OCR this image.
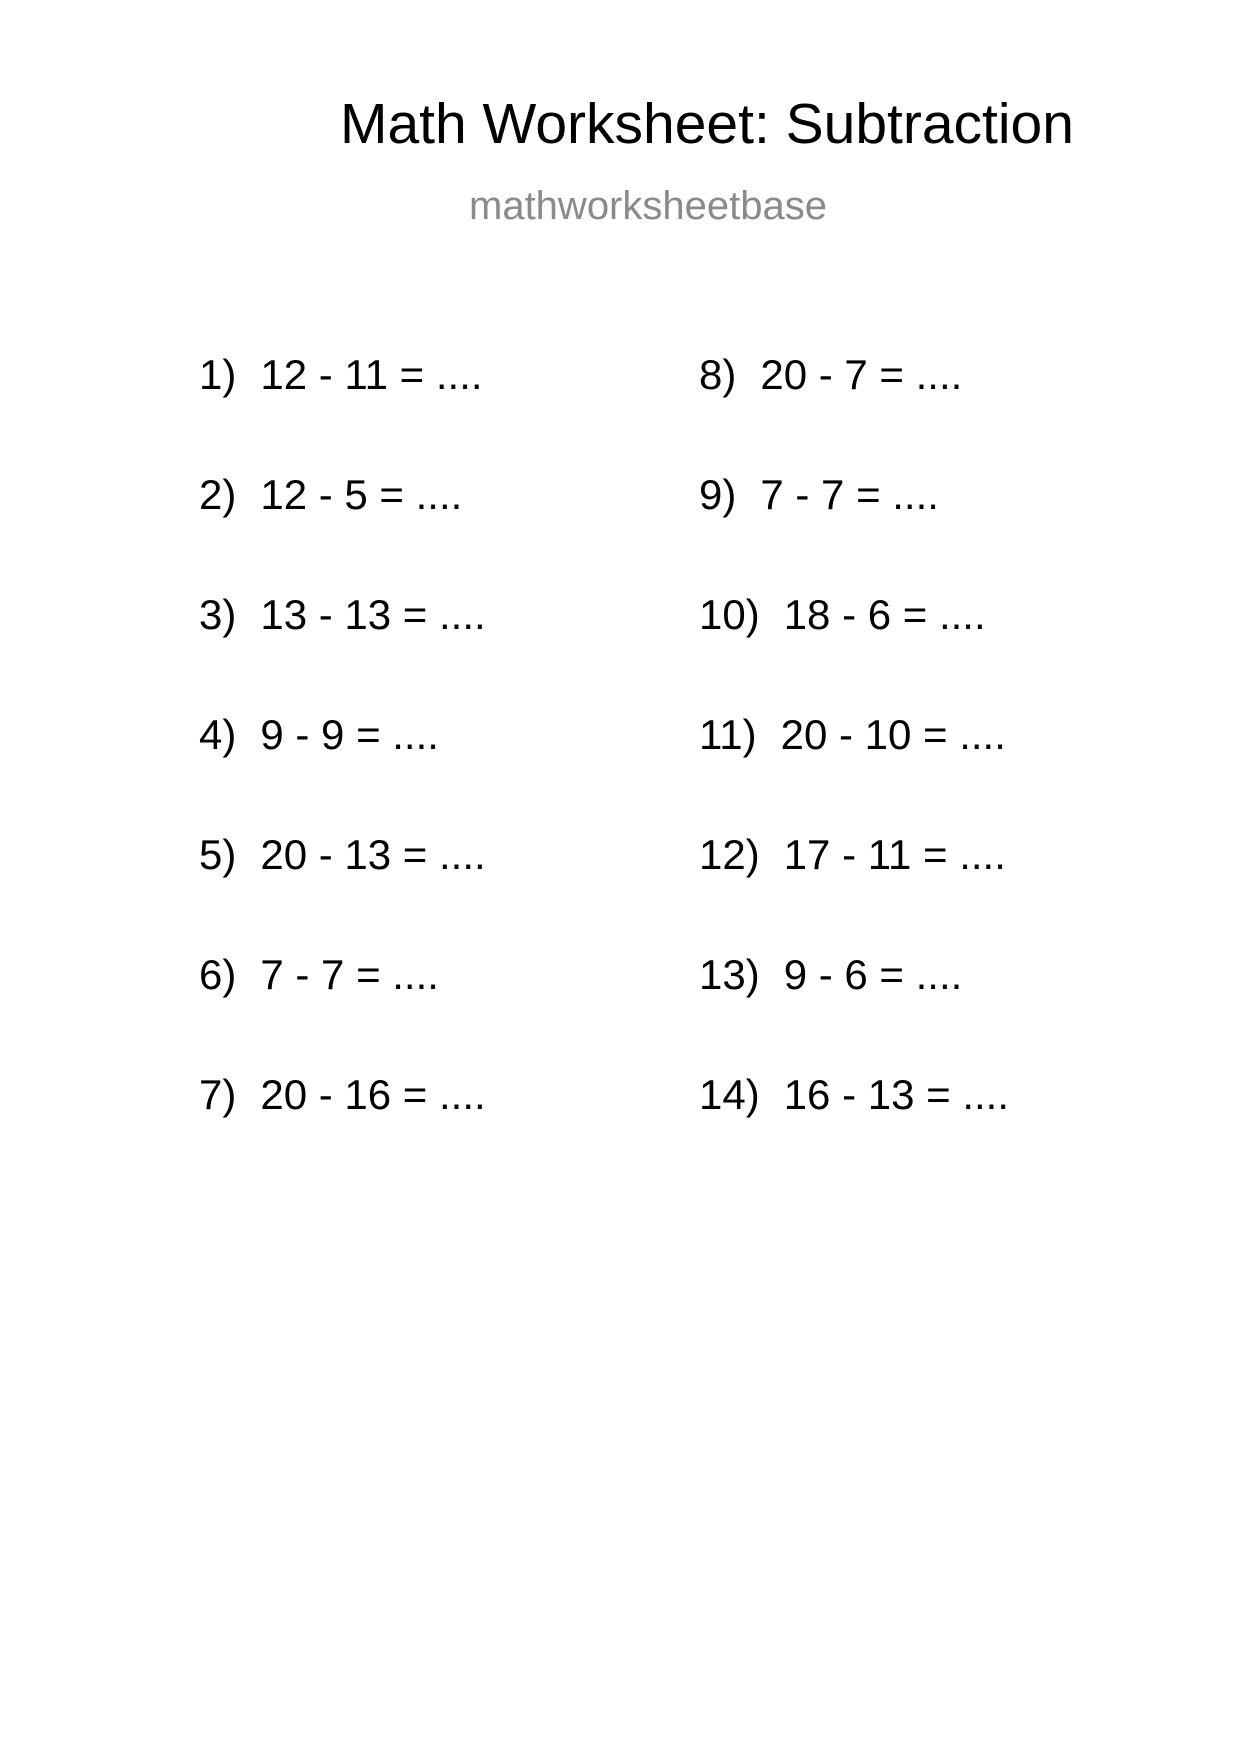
Math Worksheet: Subtraction
mathworksheetbase
1) 12 - 11 = ....
2) 12 - 5 = ....
3) 13 - 13 = ....
4) 9 - 9 = ....
5) 20 - 13 = ....
6) 7 - 7 = ....
7) 20 - 16 = ....
8) 20 - 7 = ....
9) 7 - 7 = ....
10) 18 - 6 = ....
11) 20 - 10 = ....
12) 17 - 11 = ....
13) 9 - 6 = ....
14) 16 - 13 = ....
